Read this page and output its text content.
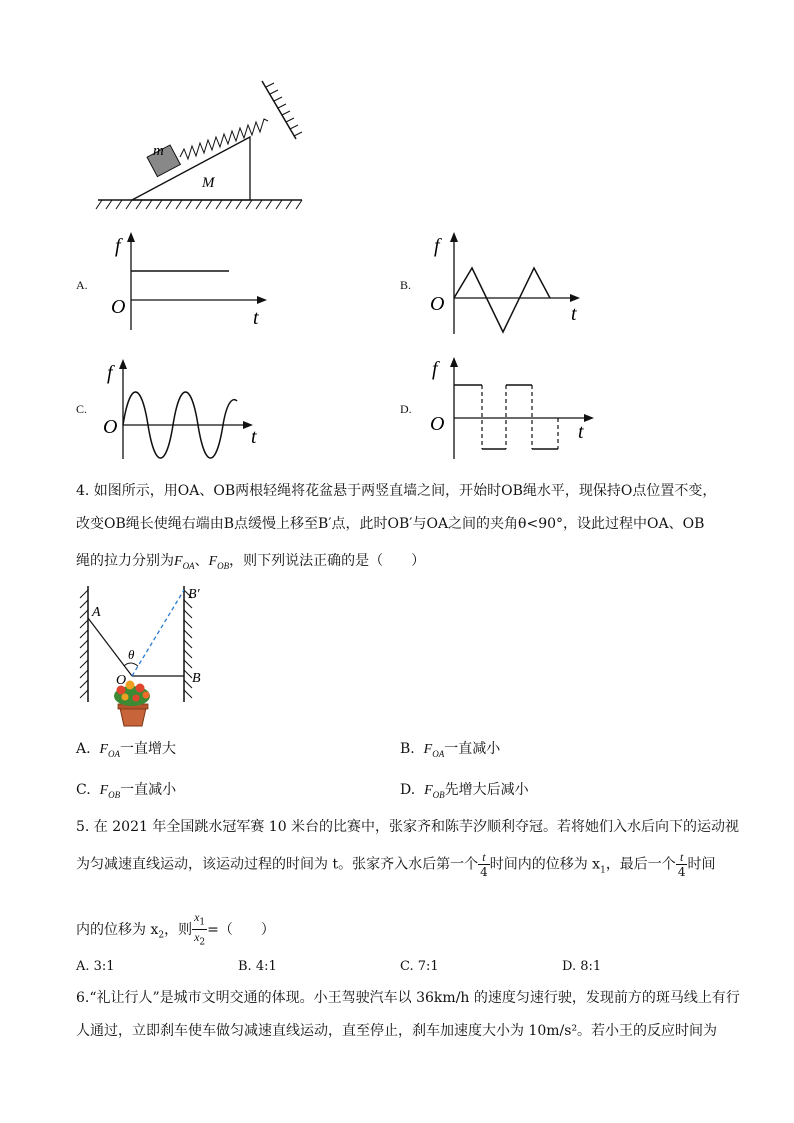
m
M
A.
f
O	t
B.
f
O	t
C.
f
O	t
D.
f
O	t
4. 如图所示，用OA、OB两根轻绳将花盆悬于两竖直墙之间，开始时OB绳水平，现保持O点位置不变，
改变OB绳长使绳右端由B点缓慢上移至B′点，此时OB′与OA之间的夹角θ<90°，设此过程中OA、OB
绳的拉力分别为$F_{OA}$、$F_{OB}$，则下列说法正确的是（　　）
A
B′
B
O
θ
A. $F_{OA}$一直增大	B. $F_{OA}$一直减小
C. $F_{OB}$一直减小	D. $F_{OB}$先增大后减小
5. 在 2021 年全国跳水冠军赛 10 米台的比赛中，张家齐和陈芋汐顺利夺冠。若将她们入水后向下的运动视
为匀减速直线运动，该运动过程的时间为 t。张家齐入水后第一个 $\frac{t}{4}$ 时间内的位移为 $x_1$，最后一个 $\frac{t}{4}$ 时间
内的位移为 $x_2$，则 $\frac{x_1}{x_2}$ =（　　）
A. 3:1	B. 4:1	C. 7:1	D. 8:1
6.“礼让行人”是城市文明交通的体现。小王驾驶汽车以 36km/h 的速度匀速行驶，发现前方的斑马线上有行
人通过，立即刹车使车做匀减速直线运动，直至停止，刹车加速度大小为 10m/s²。若小王的反应时间为
